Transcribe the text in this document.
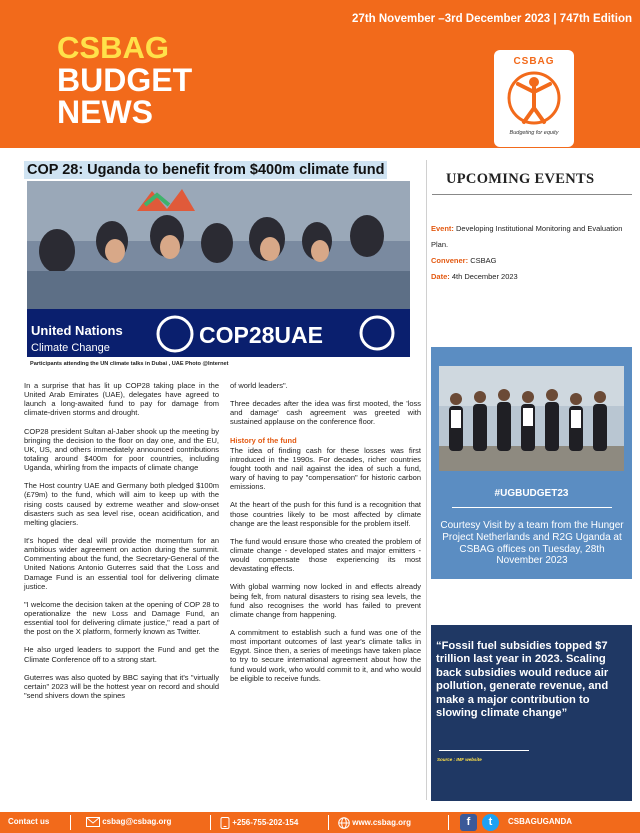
27th November –3rd December 2023 | 747th Edition
CSBAG
BUDGET
NEWS
CSBAG
Budgeting for equity
COP 28: Uganda to benefit from $400m climate fund
United Nations
Climate Change	COP28UAE
Participants attending the UN climate talks in Dubai , UAE Photo @Internet

In a surprise that has lit up COP28 taking place in the United Arab Emirates (UAE), delegates have agreed to launch a long-awaited fund to pay for damage from climate-driven storms and drought.

COP28 president Sultan al-Jaber shook up the meeting by bringing the decision to the floor on day one, and the EU, UK, US, and others immediately announced contributions totaling around $400m for poor countries, including Uganda, whirling from the impacts of climate change

The Host country UAE and Germany both pledged $100m (£79m) to the fund, which will aim to keep up with the rising costs caused by extreme weather and slow-onset disasters such as sea level rise, ocean acidification, and melting glaciers.

It's hoped the deal will provide the momentum for an ambitious wider agreement on action during the summit. Commenting about the fund, the Secretary-General of the United Nations Antonio Guterres said that the Loss and Damage Fund is an essential tool for delivering climate justice.

"I welcome the decision taken at the opening of COP 28 to operationalize the new Loss and Damage Fund, an essential tool for delivering climate justice," read a part of the post on the X platform, formerly known as Twitter.

He also urged leaders to support the Fund and get the Climate Conference off to a strong start.

Guterres was also quoted by BBC saying that it's "virtually certain" 2023 will be the hottest year on record and should "send shivers down the spines

of world leaders".

Three decades after the idea was first mooted, the 'loss and damage' cash agreement was greeted with sustained applause on the conference floor.

History of the fund

The idea of finding cash for these losses was first introduced in the 1990s. For decades, richer countries fought tooth and nail against the idea of such a fund, wary of having to pay "compensation" for historic carbon emissions.

At the heart of the push for this fund is a recognition that those countries likely to be most affected by climate change are the least responsible for the problem itself.

The fund would ensure those who created the problem of climate change - developed states and major emitters - would compensate those experiencing its most devastating effects.

With global warming now locked in and effects already being felt, from natural disasters to rising sea levels, the fund also recognises the world has failed to prevent climate change from happening.

A commitment to establish such a fund was one of the most important outcomes of last year's climate talks in Egypt. Since then, a series of meetings have taken place to try to secure international agreement about how the fund would work, who would commit to it, and who would be eligible to receive funds.

UPCOMING EVENTS
Event: Developing Institutional Monitoring and Evaluation Plan.
Convener: CSBAG
Date: 4th December 2023
#UGBUDGET23
Courtesy Visit by a team from the Hunger Project Netherlands and R2G Uganda at CSBAG offices on Tuesday, 28th November 2023
“Fossil fuel subsidies topped $7 trillion last year in 2023. Scaling back subsidies would reduce air pollution, generate revenue, and make a major contribution to slowing climate change”
Source : IMF website
Contact us	csbag@csbag.org	+256-755-202-154	www.csbag.org	f	t	CSBAGUGANDA
